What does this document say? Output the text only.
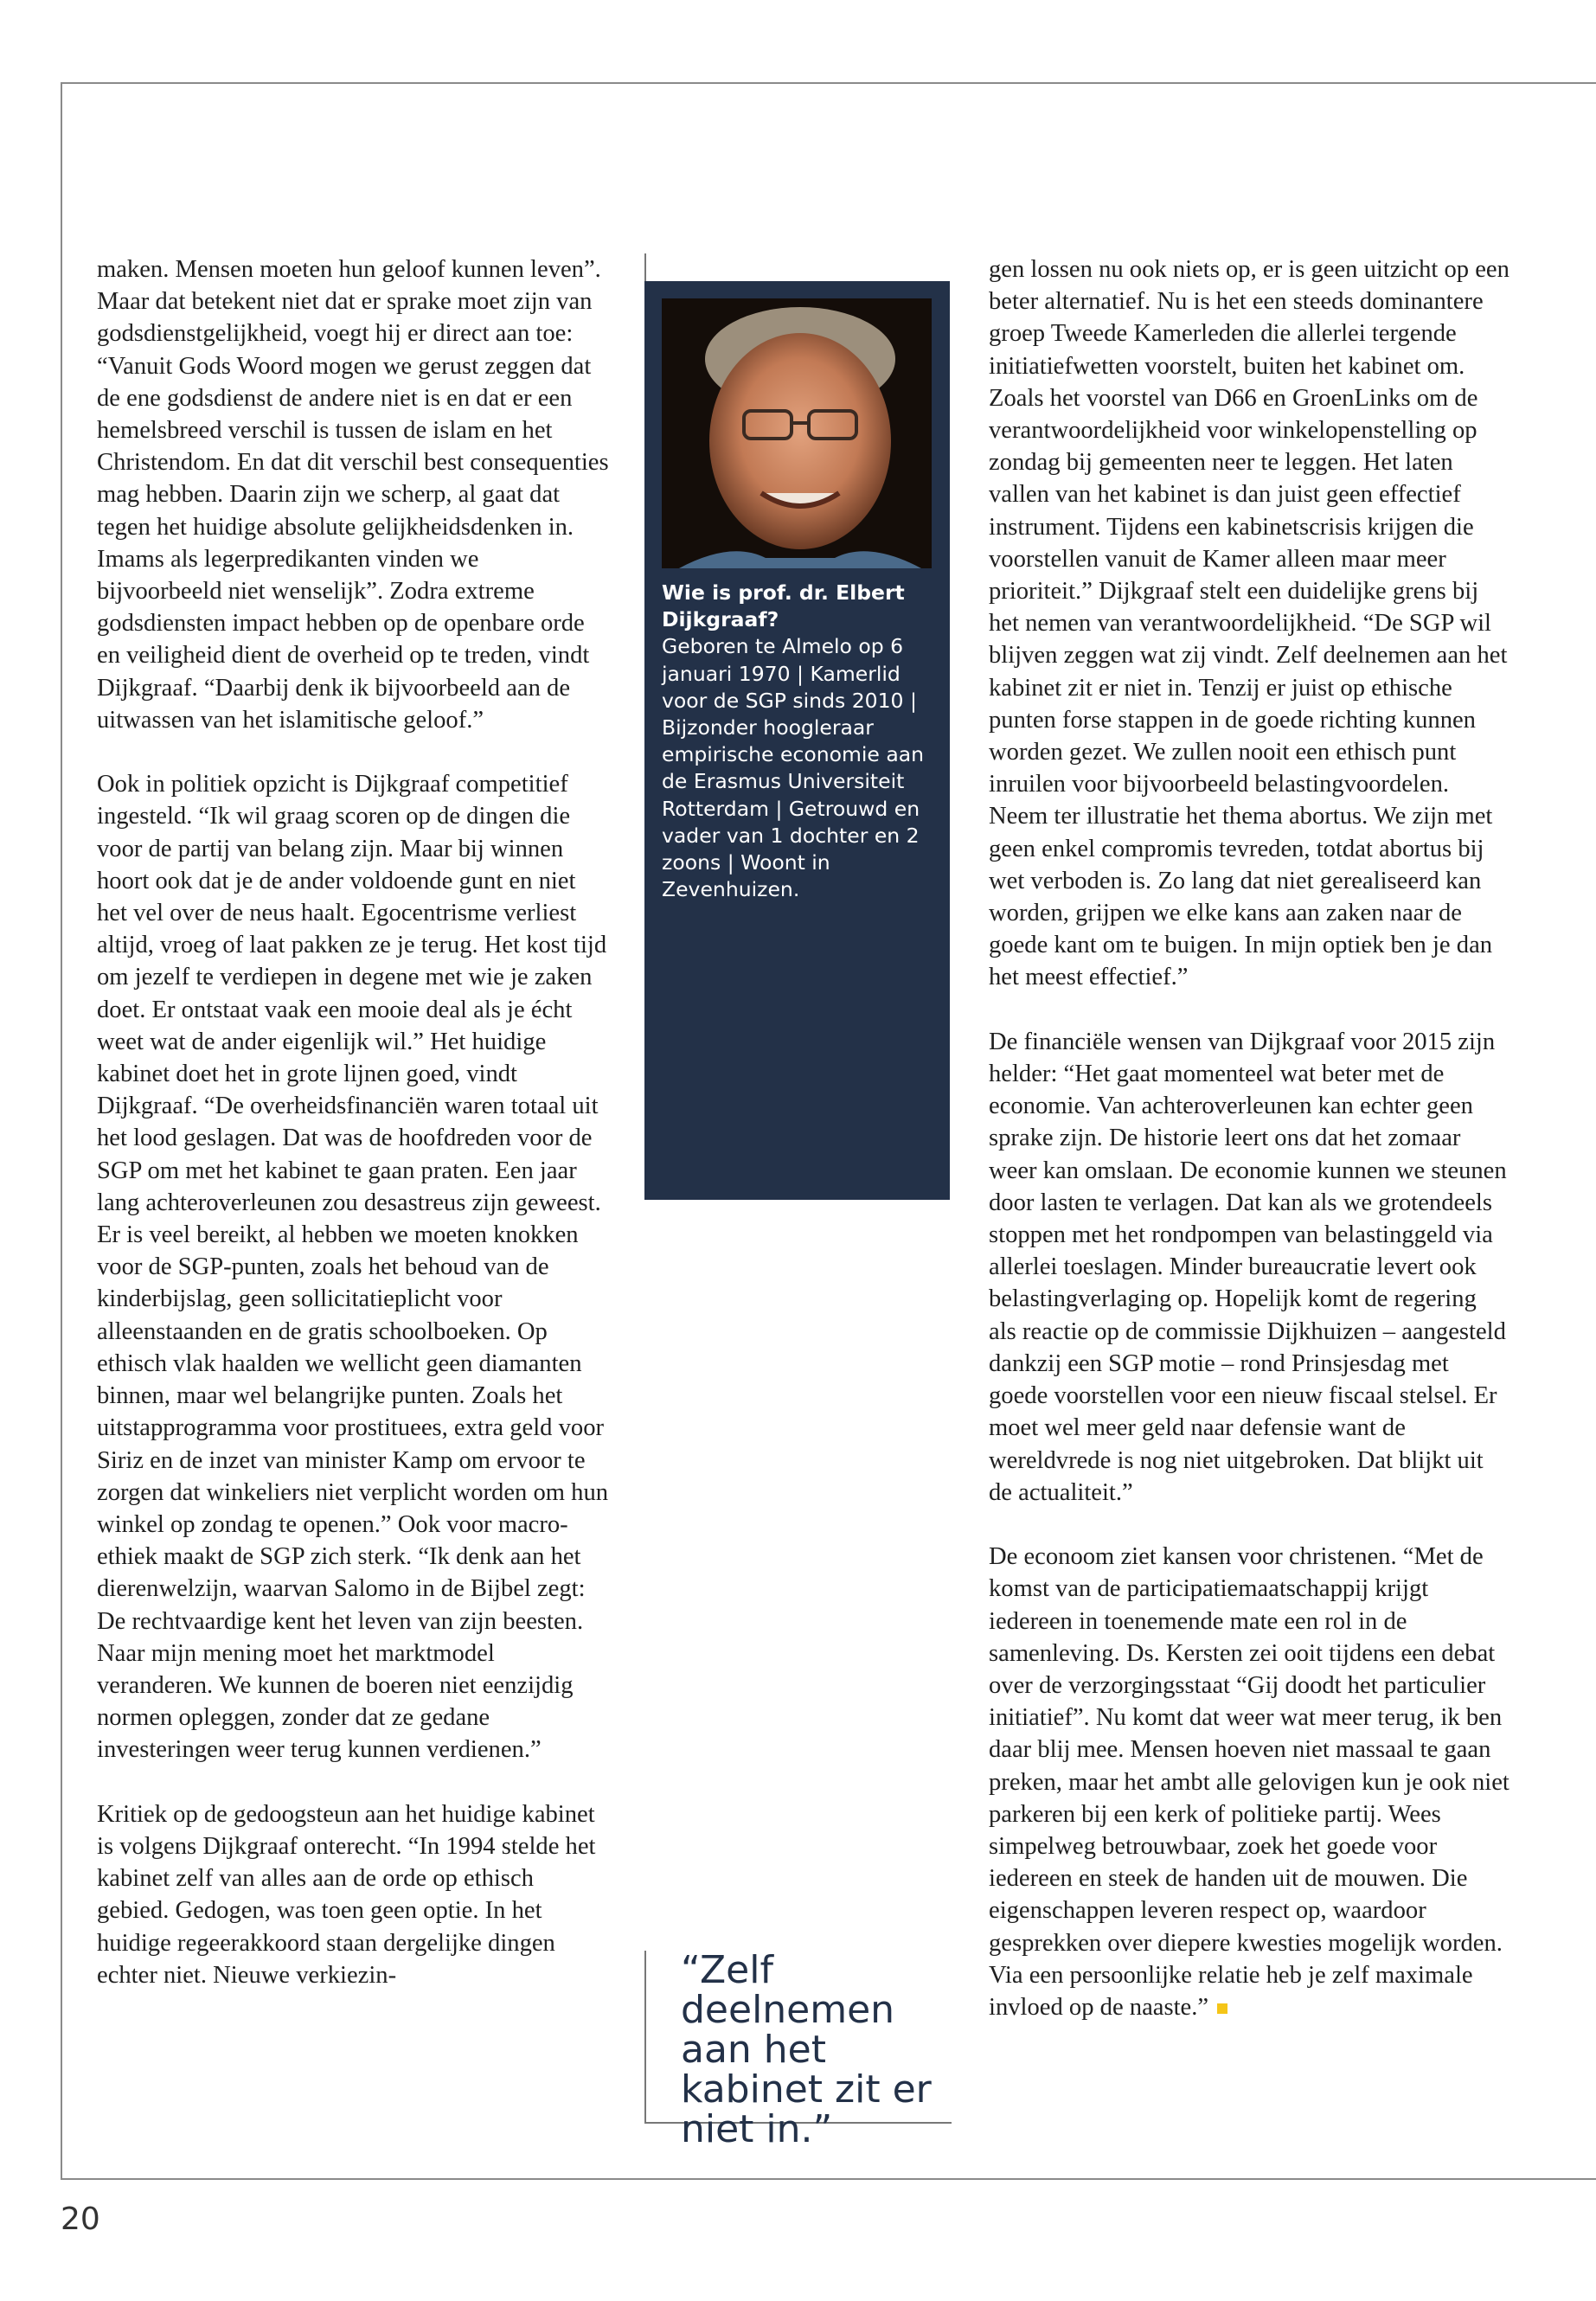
maken. Mensen moeten hun geloof kunnen leven”. Maar dat betekent niet dat er sprake moet zijn van godsdienstgelijkheid, voegt hij er direct aan toe: “Vanuit Gods Woord mogen we gerust zeggen dat de ene godsdienst de andere niet is en dat er een hemelsbreed verschil is tussen de islam en het Christendom. En dat dit verschil best consequenties mag hebben. Daarin zijn we scherp, al gaat dat tegen het huidige absolute gelijkheidsdenken in. Imams als legerpredikanten vinden we bijvoorbeeld niet wenselijk”. Zodra extreme godsdiensten impact hebben op de openbare orde en veiligheid dient de overheid op te treden, vindt Dijkgraaf. “Daarbij denk ik bijvoorbeeld aan de uitwassen van het islamitische geloof.”

Ook in politiek opzicht is Dijkgraaf competitief ingesteld. “Ik wil graag scoren op de dingen die voor de partij van belang zijn. Maar bij winnen hoort ook dat je de ander voldoende gunt en niet het vel over de neus haalt. Egocentrisme verliest altijd, vroeg of laat pakken ze je terug. Het kost tijd om jezelf te verdiepen in degene met wie je zaken doet. Er ontstaat vaak een mooie deal als je écht weet wat de ander eigenlijk wil.” Het huidige kabinet doet het in grote lijnen goed, vindt Dijkgraaf. “De overheidsfinanciën waren totaal uit het lood geslagen. Dat was de hoofdreden voor de SGP om met het kabinet te gaan praten. Een jaar lang achteroverleunen zou desastreus zijn geweest. Er is veel bereikt, al hebben we moeten knokken voor de SGP-punten, zoals het behoud van de kinderbijslag, geen sollicitatieplicht voor alleenstaanden en de gratis schoolboeken. Op ethisch vlak haalden we wellicht geen diamanten binnen, maar wel belangrijke punten. Zoals het uitstapprogramma voor prostituees, extra geld voor Siriz en de inzet van minister Kamp om ervoor te zorgen dat winkeliers niet verplicht worden om hun winkel op zondag te openen.” Ook voor macro-ethiek maakt de SGP zich sterk. “Ik denk aan het dierenwelzijn, waarvan Salomo in de Bijbel zegt: De rechtvaardige kent het leven van zijn beesten. Naar mijn mening moet het marktmodel veranderen. We kunnen de boeren niet eenzijdig normen opleggen, zonder dat ze gedane investeringen weer terug kunnen verdienen.”

Kritiek op de gedoogsteun aan het huidige kabinet is volgens Dijkgraaf onterecht. “In 1994 stelde het kabinet zelf van alles aan de orde op ethisch gebied. Gedogen, was toen geen optie. In het huidige regeerakkoord staan dergelijke dingen echter niet. Nieuwe verkiezin-

Wie is prof. dr. Elbert Dijkgraaf?
Geboren te Almelo op 6 januari 1970 | Kamerlid voor de SGP sinds 2010 | Bijzonder hoogleraar empirische economie aan de Erasmus Universiteit Rotterdam | Getrouwd en vader van 1 dochter en 2 zoons | Woont in Zevenhuizen.
“Zelf deelnemen aan het kabinet zit er niet in.”

gen lossen nu ook niets op, er is geen uitzicht op een beter alternatief. Nu is het een steeds dominantere groep Tweede Kamerleden die allerlei tergende initiatiefwetten voorstelt, buiten het kabinet om. Zoals het voorstel van D66 en GroenLinks om de verantwoordelijkheid voor winkelopenstelling op zondag bij gemeenten neer te leggen. Het laten vallen van het kabinet is dan juist geen effectief instrument. Tijdens een kabinetscrisis krijgen die voorstellen vanuit de Kamer alleen maar meer prioriteit.” Dijkgraaf stelt een duidelijke grens bij het nemen van verantwoordelijkheid. “De SGP wil blijven zeggen wat zij vindt. Zelf deelnemen aan het kabinet zit er niet in. Tenzij er juist op ethische punten forse stappen in de goede richting kunnen worden gezet. We zullen nooit een ethisch punt inruilen voor bijvoorbeeld belastingvoordelen. Neem ter illustratie het thema abortus. We zijn met geen enkel compromis tevreden, totdat abortus bij wet verboden is. Zo lang dat niet gerealiseerd kan worden, grijpen we elke kans aan zaken naar de goede kant om te buigen. In mijn optiek ben je dan het meest effectief.”

De financiële wensen van Dijkgraaf voor 2015 zijn helder: “Het gaat momenteel wat beter met de economie. Van achteroverleunen kan echter geen sprake zijn. De historie leert ons dat het zomaar weer kan omslaan. De economie kunnen we steunen door lasten te verlagen. Dat kan als we grotendeels stoppen met het rondpompen van belastinggeld via allerlei toeslagen. Minder bureaucratie levert ook belastingverlaging op. Hopelijk komt de regering als reactie op de commissie Dijkhuizen – aangesteld dankzij een SGP motie – rond Prinsjesdag met goede voorstellen voor een nieuw fiscaal stelsel. Er moet wel meer geld naar defensie want de wereldvrede is nog niet uitgebroken. Dat blijkt uit de actualiteit.”

De econoom ziet kansen voor christenen. “Met de komst van de participatiemaatschappij krijgt iedereen in toenemende mate een rol in de samenleving. Ds. Kersten zei ooit tijdens een debat over de verzorgingsstaat “Gij doodt het particulier initiatief”. Nu komt dat weer wat meer terug, ik ben daar blij mee. Mensen hoeven niet massaal te gaan preken, maar het ambt alle gelovigen kun je ook niet parkeren bij een kerk of politieke partij. Wees simpelweg betrouwbaar, zoek het goede voor iedereen en steek de handen uit de mouwen. Die eigenschappen leveren respect op, waardoor gesprekken over diepere kwesties mogelijk worden. Via een persoonlijke relatie heb je zelf maximale invloed op de naaste.”

20
